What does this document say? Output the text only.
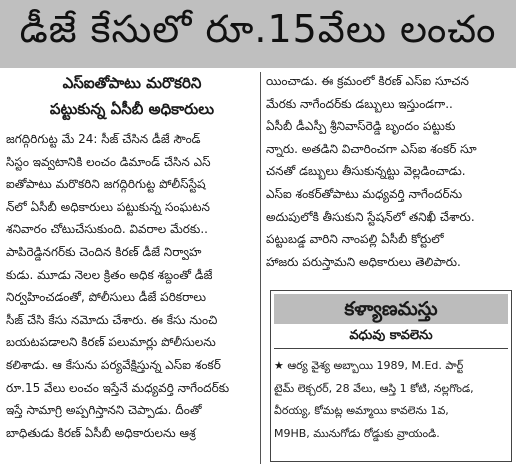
డీజే కేసులో రూ.15వేలు లంచం
ఎస్ఐతోపాటు మరొకరిని
పట్టుకున్న ఏసీబీ అధికారులు
జగద్గిరిగుట్ట మే 24: సీజ్ చేసిన డీజే సౌండ్
సిస్టం ఇవ్వటానికి లంచం డిమాండ్ చేసిన ఎస్
ఐతోపాటు మరొకరిని జగద్గిరిగుట్ట పోలీస్‌స్టేష
న్‌లో ఏసీబీ అధికారులు పట్టుకున్న సంఘటన
శనివారం చోటుచేసుకుంది. వివరాల మేరకు..
పాపిరెడ్డినగర్‌కు చెందిన కిరణ్ డీజే నిర్వాహ
కుడు. మూడు నెలల క్రితం అధిక శబ్దంతో డీజే
నిర్వహించడంతో, పోలీసులు డీజే పరికరాలు
సీజ్ చేసి కేసు నమోదు చేశారు. ఈ కేసు నుంచి
బయటపడాలని కిరణ్ పలుమార్లు పోలీసులను
కలిశాడు. ఆ కేసును పర్యవేక్షిస్తున్న ఎస్ఐ శంకర్
రూ.15 వేలు లంచం ఇస్తేనే మధ్యవర్తి నాగేందర్‌కు
ఇస్తే సామాగ్రి అప్పగిస్తానని చెప్పాడు. దీంతో
బాధితుడు కిరణ్ ఏసీబీ అధికారులను ఆశ్ర
యించాడు. ఈ క్రమంలో కిరణ్ ఎస్ఐ సూచన
మేరకు నాగేందర్‌కు డబ్బులు ఇస్తుండగా..
ఏసీబీ డీఎస్పీ శ్రీనివాస్‌రెడ్డి బృందం పట్టుకు
న్నారు. అతడిని విచారించగా ఎస్ఐ శంకర్ సూ
చనతో డబ్బులు తీసుకున్నట్టు వెల్లడించాడు.
ఎస్ఐ శంకర్‌తోపాటు మధ్యవర్తి నాగేందర్‌ను
అదుపులోకి తీసుకుని స్టేషన్‌లో తనిఖీ చేశారు.
పట్టుబడ్డ వారిని నాంపల్లి ఏసీబీ కోర్టులో
హాజరు పరుస్తామని అధికారులు తెలిపారు.
కళ్యాణమస్తు
వధువు కావలెను
★ ఆర్య వైశ్య అబ్బాయి 1989, M.Ed. పార్ట్
టైమ్ లెక్చరర్, 28 వేలు, ఆస్తి 1 కోటి, నల్లగొండ,
వీరయ్య, కోమట్ల అమ్మాయి కావలెను 1వ,
M9HB, మునుగోడు రోడ్డుకు వ్రాయండి.
